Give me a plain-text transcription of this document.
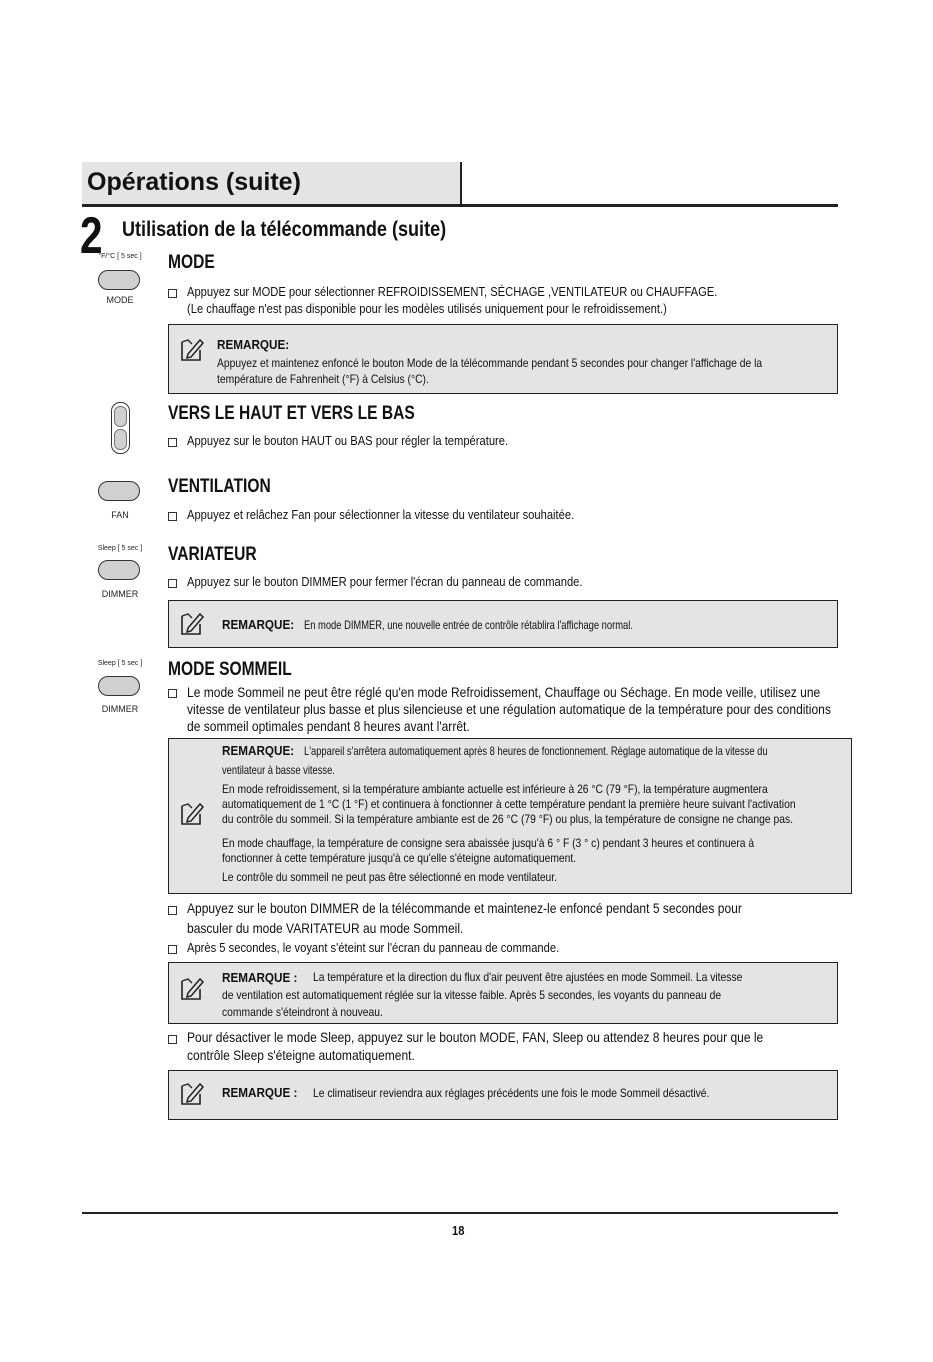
Opérations (suite)
2 Utilisation de la télécommande (suite)
°F/°C [ 5 sec ]
MODE
MODE
Appuyez sur MODE pour sélectionner REFROIDISSEMENT, SÉCHAGE ,VENTILATEUR ou CHAUFFAGE.
(Le chauffage n'est pas disponible pour les modèles utilisés uniquement pour le refroidissement.)
REMARQUE:
Appuyez et maintenez enfoncé le bouton Mode de la télécommande pendant 5 secondes pour changer l'affichage de la
température de Fahrenheit (°F) à Celsius (°C).
VERS LE HAUT ET VERS LE BAS
Appuyez sur le bouton HAUT ou BAS pour régler la température.
FAN
VENTILATION
Appuyez et relâchez Fan pour sélectionner la vitesse du ventilateur souhaitée.
Sleep [ 5 sec ]
DIMMER
VARIATEUR
Appuyez sur le bouton DIMMER pour fermer l'écran du panneau de commande.
REMARQUE: En mode DIMMER, une nouvelle entrée de contrôle rétablira l'affichage normal.
Sleep [ 5 sec ]
DIMMER
MODE SOMMEIL
Le mode Sommeil ne peut être réglé qu'en mode Refroidissement, Chauffage ou Séchage. En mode veille, utilisez une
vitesse de ventilateur plus basse et plus silencieuse et une régulation automatique de la température pour des conditions
de sommeil optimales pendant 8 heures avant l'arrêt.
REMARQUE: L'appareil s'arrêtera automatiquement après 8 heures de fonctionnement. Réglage automatique de la vitesse du
ventilateur à basse vitesse.
En mode refroidissement, si la température ambiante actuelle est inférieure à 26 °C (79 °F), la température augmentera
automatiquement de 1 °C (1 °F) et continuera à fonctionner à cette température pendant la première heure suivant l'activation
du contrôle du sommeil. Si la température ambiante est de 26 °C (79 °F) ou plus, la température de consigne ne change pas.
En mode chauffage, la température de consigne sera abaissée jusqu'à 6 ° F (3 ° c) pendant 3 heures et continuera à
fonctionner à cette température jusqu'à ce qu'elle s'éteigne automatiquement.
Le contrôle du sommeil ne peut pas être sélectionné en mode ventilateur.
Appuyez sur le bouton DIMMER de la télécommande et maintenez-le enfoncé pendant 5 secondes pour
basculer du mode VARITATEUR au mode Sommeil.
Après 5 secondes, le voyant s'éteint sur l'écran du panneau de commande.
REMARQUE : La température et la direction du flux d'air peuvent être ajustées en mode Sommeil. La vitesse
de ventilation est automatiquement réglée sur la vitesse faible. Après 5 secondes, les voyants du panneau de
commande s'éteindront à nouveau.
Pour désactiver le mode Sleep, appuyez sur le bouton MODE, FAN, Sleep ou attendez 8 heures pour que le
contrôle Sleep s'éteigne automatiquement.
REMARQUE : Le climatiseur reviendra aux réglages précédents une fois le mode Sommeil désactivé.
18
